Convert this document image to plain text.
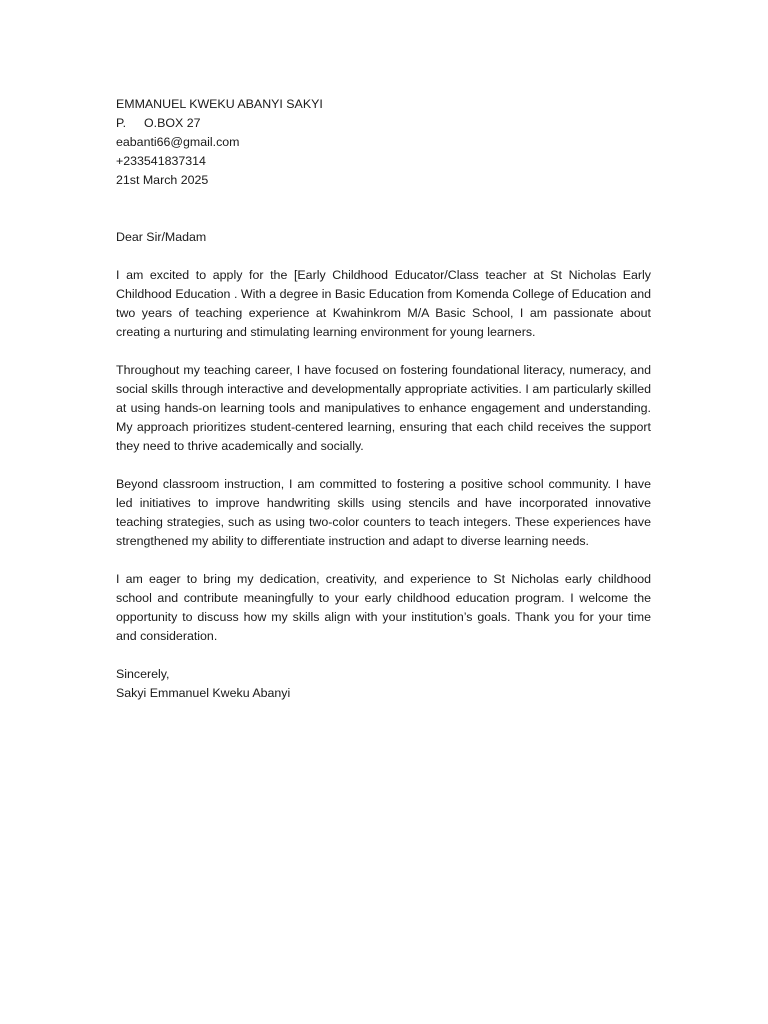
EMMANUEL KWEKU ABANYI SAKYI
P. O.BOX 27
eabanti66@gmail.com
+233541837314
21st March 2025
Dear Sir/Madam

I am excited to apply for the [Early Childhood Educator/Class teacher at St Nicholas Early Childhood Education . With a degree in Basic Education from Komenda College of Education and two years of teaching experience at Kwahinkrom M/A Basic School, I am passionate about creating a nurturing and stimulating learning environment for young learners.

Throughout my teaching career, I have focused on fostering foundational literacy, numeracy, and social skills through interactive and developmentally appropriate activities. I am particularly skilled at using hands-on learning tools and manipulatives to enhance engagement and understanding. My approach prioritizes student-centered learning, ensuring that each child receives the support they need to thrive academically and socially.

Beyond classroom instruction, I am committed to fostering a positive school community. I have led initiatives to improve handwriting skills using stencils and have incorporated innovative teaching strategies, such as using two-color counters to teach integers. These experiences have strengthened my ability to differentiate instruction and adapt to diverse learning needs.

I am eager to bring my dedication, creativity, and experience to St Nicholas early childhood school and contribute meaningfully to your early childhood education program. I welcome the opportunity to discuss how my skills align with your institution’s goals. Thank you for your time and consideration.

Sincerely,
Sakyi Emmanuel Kweku Abanyi
